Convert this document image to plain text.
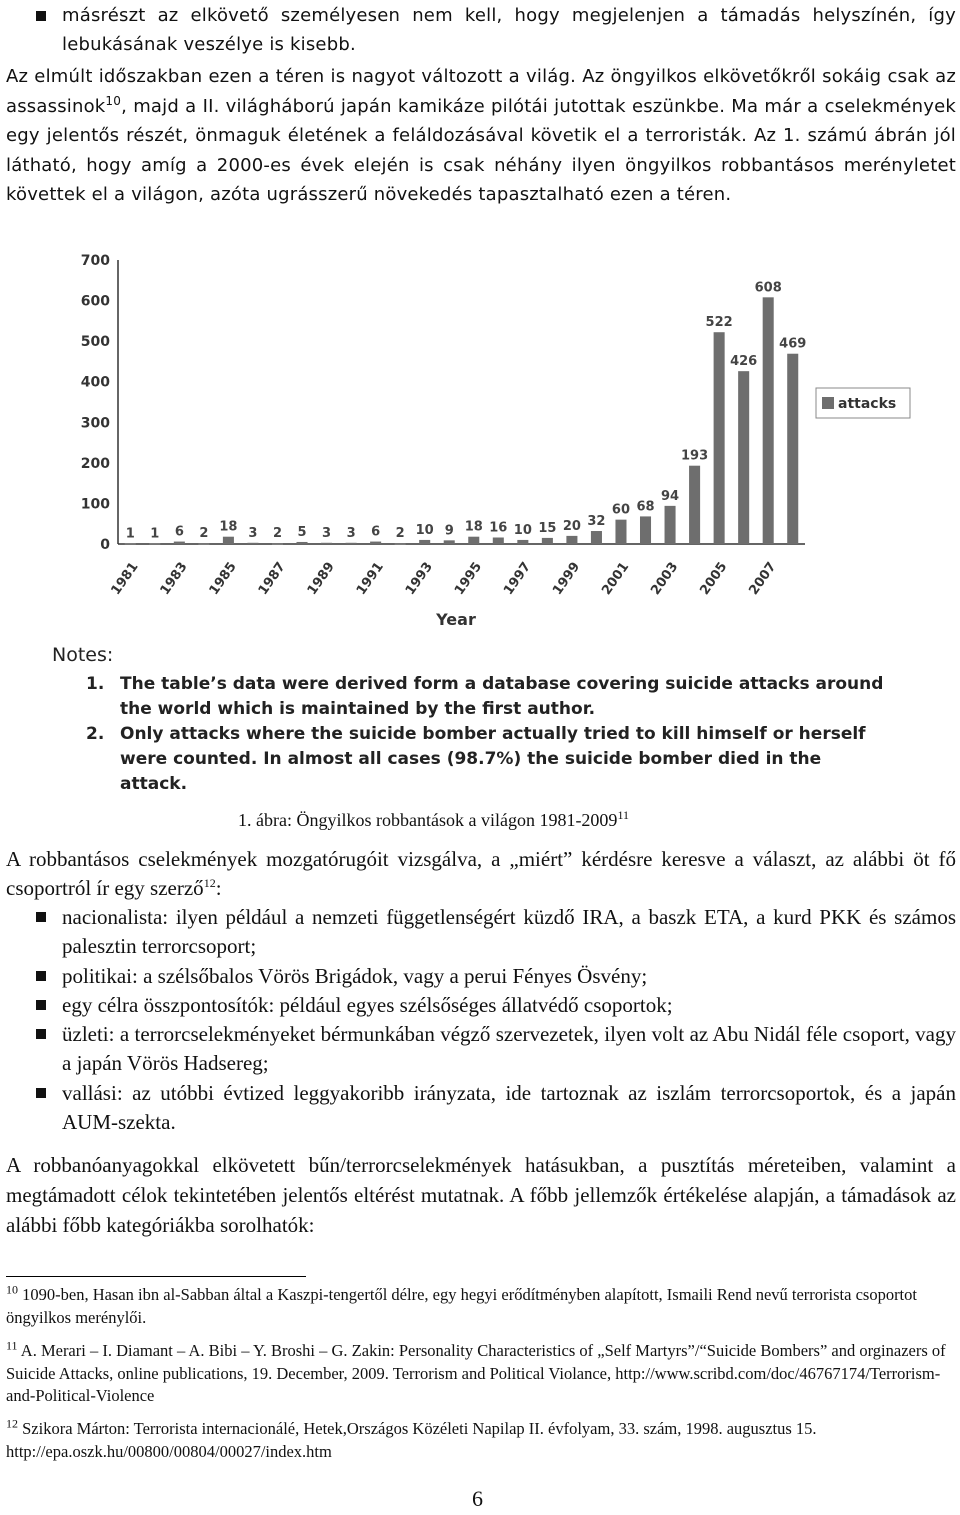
másrészt az elkövető személyesen nem kell, hogy megjelenjen a támadás helyszínén, így lebukásának veszélye is kisebb.
Az elmúlt időszakban ezen a téren is nagyot változott a világ. Az öngyilkos elkövetőkről sokáig csak az assassinok$^{10}$, majd a II. világháború japán kamikáze pilótái jutottak eszünkbe. Ma már a cselekmények egy jelentős részét, önmaguk életének a feláldozásával követik el a terroristák. Az 1. számú ábrán jól látható, hogy amíg a 2000-es évek elején is csak néhány ilyen öngyilkos robbantásos merényletet követtek el a világon, azóta ugrásszerű növekedés tapasztalható ezen a téren.
0
100
200
300
400
500
600
700
1 1 6 2 18 3 2 5 3 3 6 2 10 9 18 16 10 15 20 32
60 68
94
193
522
426
608
469
1981 1983 1985 1987 1989 1991 1993 1995 1997 1999 2001 2003 2005 2007
Year
attacks
Notes:
1. The table’s data were derived form a database covering suicide attacks around
the world which is maintained by the first author.
2. Only attacks where the suicide bomber actually tried to kill himself or herself
were counted. In almost all cases (98.7%) the suicide bomber died in the
attack.
1. ábra: Öngyilkos robbantások a világon 1981-2009$^{11}$
A robbantásos cselekmények mozgatórugóit vizsgálva, a „miért” kérdésre keresve a választ, az alábbi öt fő csoportról ír egy szerző$^{12}$:
nacionalista: ilyen például a nemzeti függetlenségért küzdő IRA, a baszk ETA, a kurd PKK és számos palesztin terrorcsoport;
politikai: a szélsőbalos Vörös Brigádok, vagy a perui Fényes Ösvény;
egy célra összpontosítók: például egyes szélsőséges állatvédő csoportok;
üzleti: a terrorcselekményeket bérmunkában végző szervezetek, ilyen volt az Abu Nidál féle csoport, vagy a japán Vörös Hadsereg;
vallási: az utóbbi évtized leggyakoribb irányzata, ide tartoznak az iszlám terrorcsoportok, és a japán AUM-szekta.
A robbanóanyagokkal elkövetett bűn/terrorcselekmények hatásukban, a pusztítás méreteiben, valamint a megtámadott célok tekintetében jelentős eltérést mutatnak. A főbb jellemzők értékelése alapján, a támadások az alábbi főbb kategóriákba sorolhatók:
$^{10}$ 1090-ben, Hasan ibn al-Sabban által a Kaszpi-tengertől délre, egy hegyi erődítményben alapított, Ismaili Rend nevű terrorista csoportot öngyilkos merénylői.
$^{11}$ A. Merari – I. Diamant – A. Bibi – Y. Broshi – G. Zakin: Personality Characteristics of „Self Martyrs”/“Suicide Bombers” and orginazers of Suicide Attacks, online publications, 19. December, 2009. Terrorism and Political Violance, http://www.scribd.com/doc/46767174/Terrorism-and-Political-Violence
$^{12}$ Szikora Márton: Terrorista internacionálé, Hetek,Országos Közéleti Napilap II. évfolyam, 33. szám, 1998. augusztus 15. http://epa.oszk.hu/00800/00804/00027/index.htm
6
